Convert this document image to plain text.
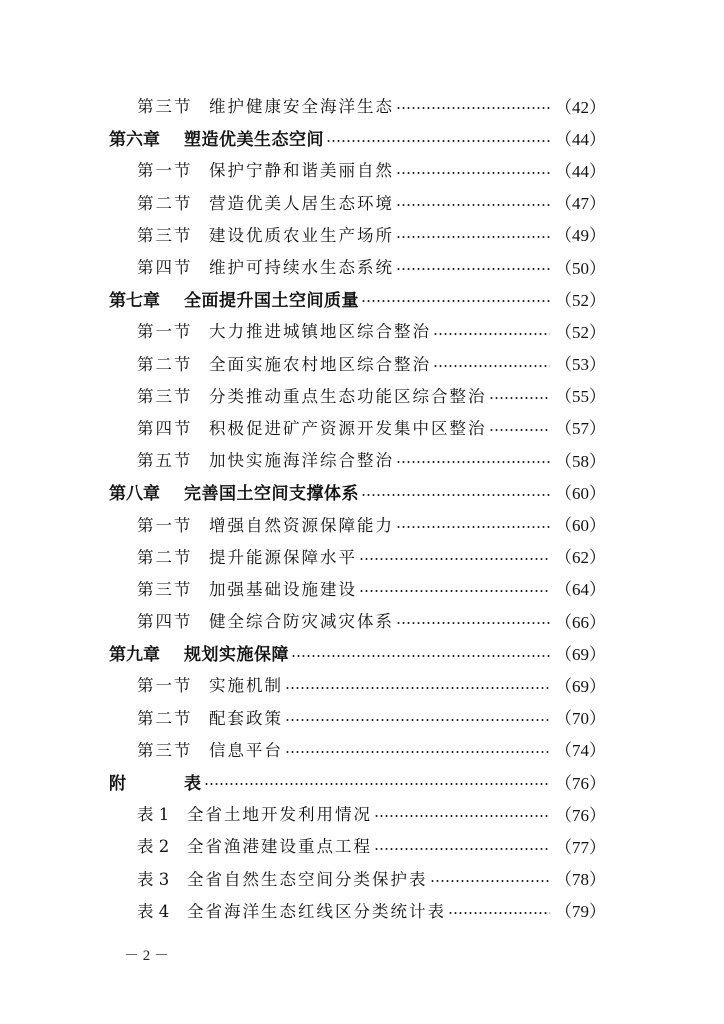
第三节	维护健康安全海洋生态	（42）
第六章	塑造优美生态空间	（44）
第一节	保护宁静和谐美丽自然	（44）
第二节	营造优美人居生态环境	（47）
第三节	建设优质农业生产场所	（49）
第四节	维护可持续水生态系统	（50）
第七章	全面提升国土空间质量	（52）
第一节	大力推进城镇地区综合整治	（52）
第二节	全面实施农村地区综合整治	（53）
第三节	分类推动重点生态功能区综合整治	（55）
第四节	积极促进矿产资源开发集中区整治	（57）
第五节	加快实施海洋综合整治	（58）
第八章	完善国土空间支撑体系	（60）
第一节	增强自然资源保障能力	（60）
第二节	提升能源保障水平	（62）
第三节	加强基础设施建设	（64）
第四节	健全综合防灾减灾体系	（66）
第九章	规划实施保障	（69）
第一节	实施机制	（69）
第二节	配套政策	（70）
第三节	信息平台	（74）
附	表	（76）
表 1	全省土地开发利用情况	（76）
表 2	全省渔港建设重点工程	（77）
表 3	全省自然生态空间分类保护表	（78）
表 4	全省海洋生态红线区分类统计表	（79）
－ 2 －
